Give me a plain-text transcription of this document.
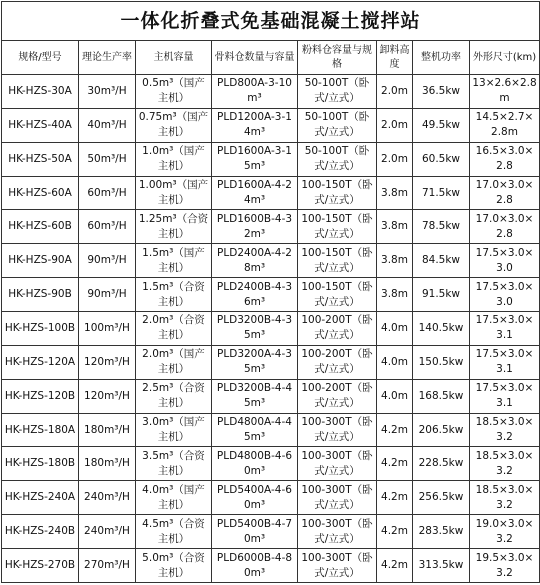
一体化折叠式免基础混凝土搅拌站							
规格/型号	理论生产率	主机容量	骨料仓数量与容量	粉料仓容量与规格	卸料高度	整机功率	外形尺寸(km)
HK-HZS-30A	30m³/H	0.5m³（国产主机）	PLD800A-3-10m³	50-100T（卧式/立式）	2.0m	36.5kw	13×2.6×2.8m
HK-HZS-40A	40m³/H	0.75m³（国产主机）	PLD1200A-3-14m³	50-100T（卧式/立式）	2.0m	49.5kw	14.5×2.7×2.8m
HK-HZS-50A	50m³/H	1.0m³（国产主机）	PLD1600A-3-15m³	50-100T（卧式/立式）	2.0m	60.5kw	16.5×3.0×2.8
HK-HZS-60A	60m³/H	1.00m³（国产主机）	PLD1600A-4-24m³	100-150T（卧式/立式）	3.8m	71.5kw	17.0×3.0×2.8
HK-HZS-60B	60m³/H	1.25m³（合资主机）	PLD1600B-4-32m³	100-150T（卧式/立式）	3.8m	78.5kw	17.0×3.0×2.8
HK-HZS-90A	90m³/H	1.5m³（国产主机）	PLD2400A-4-28m³	100-150T（卧式/立式）	3.8m	84.5kw	17.5×3.0×3.0
HK-HZS-90B	90m³/H	1.5m³（合资主机）	PLD2400B-4-36m³	100-150T（卧式/立式）	3.8m	91.5kw	17.5×3.0×3.0
HK-HZS-100B	100m³/H	2.0m³（合资主机）	PLD3200B-4-35m³	100-200T（卧式/立式）	4.0m	140.5kw	17.5×3.0×3.1
HK-HZS-120A	120m³/H	2.0m³（国产主机）	PLD3200A-4-35m³	100-200T（卧式/立式）	4.0m	150.5kw	17.5×3.0×3.1
HK-HZS-120B	120m³/H	2.5m³（合资主机）	PLD3200B-4-45m³	100-200T（卧式/立式）	4.0m	168.5kw	17.5×3.0×3.1
HK-HZS-180A	180m³/H	3.0m³（国产主机）	PLD4800A-4-45m³	100-300T（卧式/立式）	4.2m	206.5kw	18.5×3.0×3.2
HK-HZS-180B	180m³/H	3.5m³（合资主机）	PLD4800B-4-60m³	100-300T（卧式/立式）	4.2m	228.5kw	18.5×3.0×3.2
HK-HZS-240A	240m³/H	4.0m³（国产主机）	PLD5400A-4-60m³	100-300T（卧式/立式）	4.2m	256.5kw	18.5×3.0×3.2
HK-HZS-240B	240m³/H	4.5m³（合资主机）	PLD5400B-4-70m³	100-300T（卧式/立式）	4.2m	283.5kw	19.0×3.0×3.2
HK-HZS-270B	270m³/H	5.0m³（合资主机）	PLD6000B-4-80m³	100-300T（卧式/立式）	4.2m	313.5kw	19.5×3.0×3.2
